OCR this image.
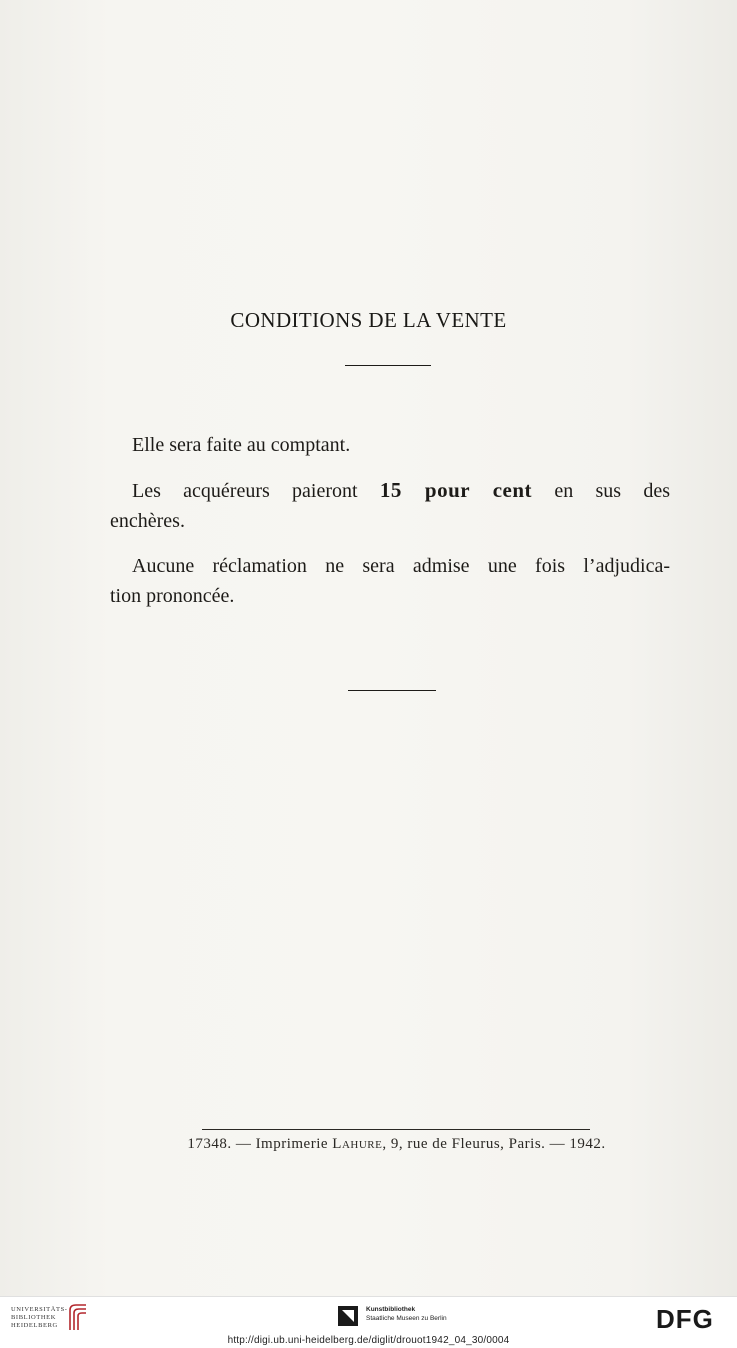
CONDITIONS DE LA VENTE
Elle sera faite au comptant.
Les acquéreurs paieront 15 pour cent en sus des
enchères.
Aucune réclamation ne sera admise une fois l’adjudica-
tion prononcée.
17348. — Imprimerie Lahure, 9, rue de Fleurus, Paris. — 1942.
UNIVERSITÄTS-
BIBLIOTHEK
HEIDELBERG
Kunstbibliothek
Staatliche Museen zu Berlin	DFG
http://digi.ub.uni-heidelberg.de/diglit/drouot1942_04_30/0004
